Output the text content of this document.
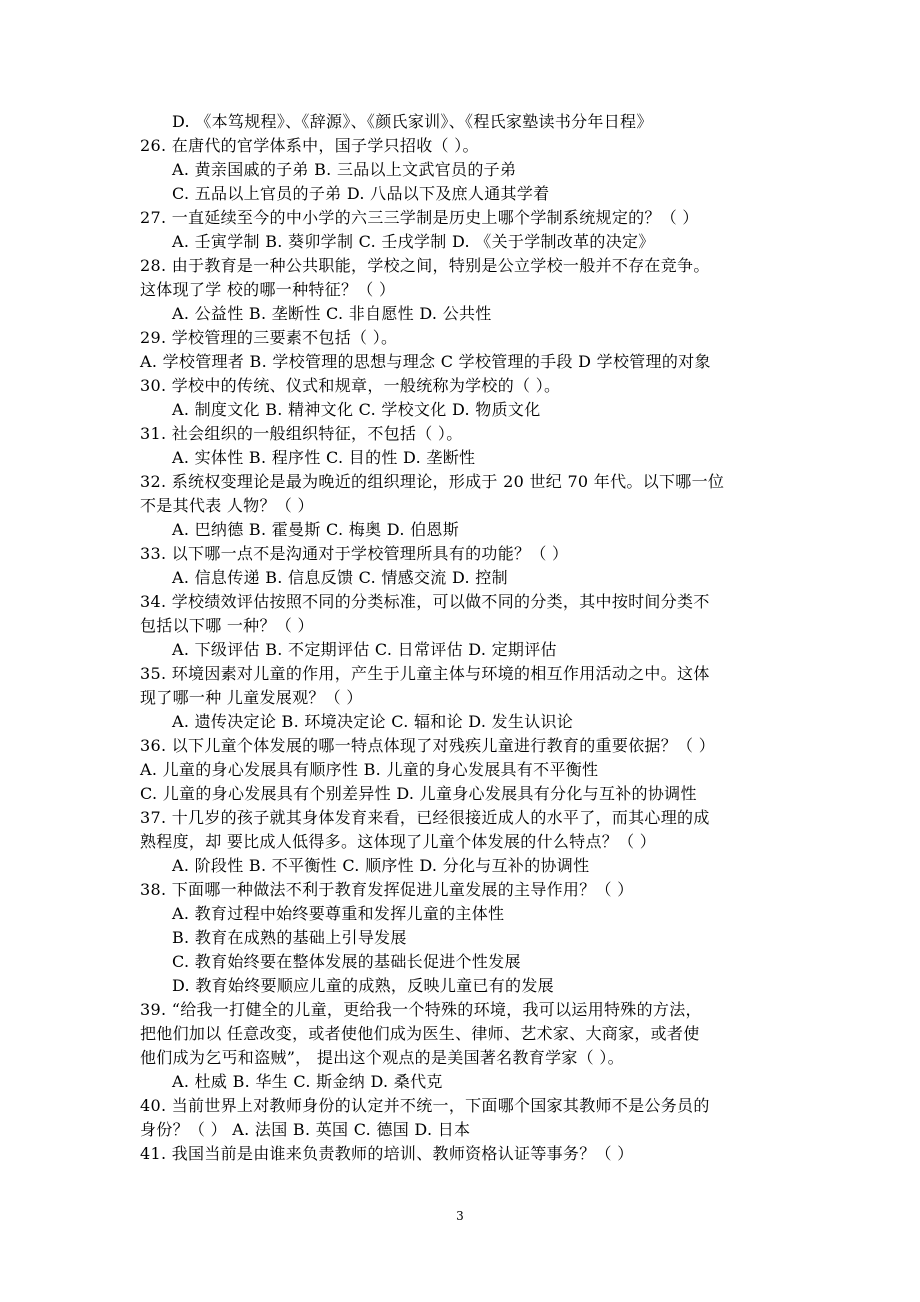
D. 《本笃规程》、《辞源》、《颜氏家训》、《程氏家塾读书分年日程》
26. 在唐代的官学体系中，国子学只招收（ ）。
A. 黄亲国戚的子弟 B. 三品以上文武官员的子弟
C. 五品以上官员的子弟 D. 八品以下及庶人通其学着
27. 一直延续至今的中小学的六三三学制是历史上哪个学制系统规定的？（ ）
A. 壬寅学制 B. 葵卯学制 C. 壬戌学制 D. 《关于学制改革的决定》
28. 由于教育是一种公共职能，学校之间，特别是公立学校一般并不存在竞争。
这体现了学 校的哪一种特征？（ ）
A. 公益性 B. 垄断性 C. 非自愿性 D. 公共性
29. 学校管理的三要素不包括（ ）。
A. 学校管理者 B. 学校管理的思想与理念 C 学校管理的手段 D 学校管理的对象
30. 学校中的传统、仪式和规章，一般统称为学校的（ ）。
A. 制度文化 B. 精神文化 C. 学校文化 D. 物质文化
31. 社会组织的一般组织特征，不包括（ ）。
A. 实体性 B. 程序性 C. 目的性 D. 垄断性
32. 系统权变理论是最为晚近的组织理论，形成于 20 世纪 70 年代。以下哪一位
不是其代表 人物？（ ）
A. 巴纳德 B. 霍曼斯 C. 梅奥 D. 伯恩斯
33. 以下哪一点不是沟通对于学校管理所具有的功能？（ ）
A. 信息传递 B. 信息反馈 C. 情感交流 D. 控制
34. 学校绩效评估按照不同的分类标准，可以做不同的分类，其中按时间分类不
包括以下哪 一种？（ ）
A. 下级评估 B. 不定期评估 C. 日常评估 D. 定期评估
35. 环境因素对儿童的作用，产生于儿童主体与环境的相互作用活动之中。这体
现了哪一种 儿童发展观？（ ）
A. 遗传决定论 B. 环境决定论 C. 辐和论 D. 发生认识论
36. 以下儿童个体发展的哪一特点体现了对残疾儿童进行教育的重要依据？（ ）
A. 儿童的身心发展具有顺序性 B. 儿童的身心发展具有不平衡性
C. 儿童的身心发展具有个别差异性 D. 儿童身心发展具有分化与互补的协调性
37. 十几岁的孩子就其身体发育来看，已经很接近成人的水平了，而其心理的成
熟程度，却 要比成人低得多。这体现了儿童个体发展的什么特点？（ ）
A. 阶段性 B. 不平衡性 C. 顺序性 D. 分化与互补的协调性
38. 下面哪一种做法不利于教育发挥促进儿童发展的主导作用？（ ）
A. 教育过程中始终要尊重和发挥儿童的主体性
B. 教育在成熟的基础上引导发展
C. 教育始终要在整体发展的基础长促进个性发展
D. 教育始终要顺应儿童的成熟，反映儿童已有的发展
39. “给我一打健全的儿童，更给我一个特殊的环境，我可以运用特殊的方法，
把他们加以 任意改变，或者使他们成为医生、律师、艺术家、大商家，或者使
他们成为乞丐和盗贼”， 提出这个观点的是美国著名教育学家（ ）。
A. 杜威 B. 华生 C. 斯金纳 D. 桑代克
40. 当前世界上对教师身份的认定并不统一，下面哪个国家其教师不是公务员的
身份？（ ） A. 法国 B. 英国 C. 德国 D. 日本
41. 我国当前是由谁来负责教师的培训、教师资格认证等事务？（ ）
3
